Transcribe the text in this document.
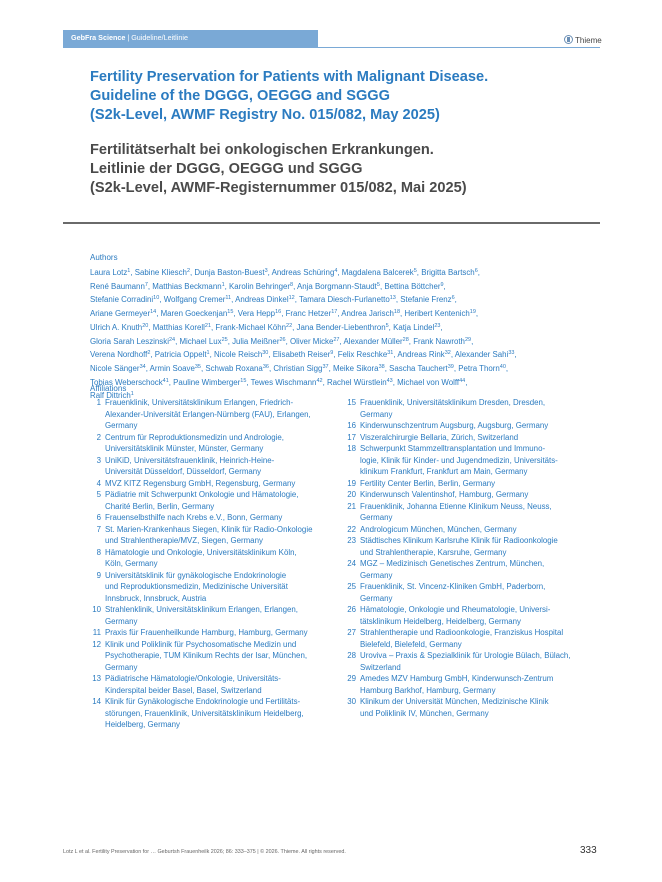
GebFra Science | Guideline/Leitlinie	Thieme
Fertility Preservation for Patients with Malignant Disease.
Guideline of the DGGG, OEGGG and SGGG
(S2k-Level, AWMF Registry No. 015/082, May 2025)
Fertilitätserhalt bei onkologischen Erkrankungen.
Leitlinie der DGGG, OEGGG und SGGG
(S2k-Level, AWMF-Registernummer 015/082, Mai 2025)
Authors
Laura Lotz$^1$, Sabine Kliesch$^2$, Dunja Baston-Buest$^3$, Andreas Schüring$^4$, Magdalena Balcerek$^5$, Brigitta Bartsch$^6$,
René Baumann$^7$, Matthias Beckmann$^1$, Karolin Behringer$^8$, Anja Borgmann-Staudt$^5$, Bettina Böttcher$^9$,
Stefanie Corradini$^{10}$, Wolfgang Cremer$^{11}$, Andreas Dinkel$^{12}$, Tamara Diesch-Furlanetto$^{13}$, Stefanie Frenz$^6$,
Ariane Germeyer$^{14}$, Maren Goeckenjan$^{15}$, Vera Hepp$^{16}$, Franc Hetzer$^{17}$, Andrea Jarisch$^{18}$, Heribert Kentenich$^{19}$,
Ulrich A. Knuth$^{20}$, Matthias Korell$^{21}$, Frank-Michael Köhn$^{22}$, Jana Bender-Liebenthron$^5$, Katja Lindel$^{23}$,
Gloria Sarah Leszinski$^{24}$, Michael Lux$^{25}$, Julia Meißner$^{26}$, Oliver Micke$^{27}$, Alexander Müller$^{28}$, Frank Nawroth$^{29}$,
Verena Nordhoff$^2$, Patricia Oppelt$^1$, Nicole Reisch$^{30}$, Elisabeth Reiser$^9$, Felix Reschke$^{31}$, Andreas Rink$^{32}$, Alexander Sahi$^{33}$,
Nicole Sänger$^{34}$, Armin Soave$^{35}$, Schwab Roxana$^{36}$, Christian Sigg$^{37}$, Meike Sikora$^{38}$, Sascha Tauchert$^{39}$, Petra Thorn$^{40}$,
Tobias Weberschock$^{41}$, Pauline Wimberger$^{15}$, Tewes Wischmann$^{42}$, Rachel Würstlein$^{43}$, Michael von Wolff$^{44}$,
Ralf Dittrich$^1$
Affiliations
1 Frauenklinik, Universitätsklinikum Erlangen, Friedrich-
Alexander-Universität Erlangen-Nürnberg (FAU), Erlangen,
Germany
2 Centrum für Reproduktionsmedizin und Andrologie,
Universitätsklinik Münster, Münster, Germany
3 UniKiD, Universitätsfrauenklinik, Heinrich-Heine-
Universität Düsseldorf, Düsseldorf, Germany
4 MVZ KITZ Regensburg GmbH, Regensburg, Germany
5 Pädiatrie mit Schwerpunkt Onkologie und Hämatologie,
Charité Berlin, Berlin, Germany
6 Frauenselbsthilfe nach Krebs e.V., Bonn, Germany
7 St. Marien-Krankenhaus Siegen, Klinik für Radio-Onkologie
und Strahlentherapie/MVZ, Siegen, Germany
8 Hämatologie und Onkologie, Universitätsklinikum Köln,
Köln, Germany
9 Universitätsklinik für gynäkologische Endokrinologie
und Reproduktionsmedizin, Medizinische Universität
Innsbruck, Innsbruck, Austria
10 Strahlenklinik, Universitätsklinikum Erlangen, Erlangen,
Germany
11 Praxis für Frauenheilkunde Hamburg, Hamburg, Germany
12 Klinik und Poliklinik für Psychosomatische Medizin und
Psychotherapie, TUM Klinikum Rechts der Isar, München,
Germany
13 Pädiatrische Hämatologie/Onkologie, Universitäts-
Kinderspital beider Basel, Basel, Switzerland
14 Klinik für Gynäkologische Endokrinologie und Fertilitäts-
störungen, Frauenklinik, Universitätsklinikum Heidelberg,
Heidelberg, Germany
15 Frauenklinik, Universitätsklinikum Dresden, Dresden,
Germany
16 Kinderwunschzentrum Augsburg, Augsburg, Germany
17 Viszeralchirurgie Bellaria, Zürich, Switzerland
18 Schwerpunkt Stammzelltransplantation und Immuno-
logie, Klinik für Kinder- und Jugendmedizin, Universitäts-
klinikum Frankfurt, Frankfurt am Main, Germany
19 Fertility Center Berlin, Berlin, Germany
20 Kinderwunsch Valentinshof, Hamburg, Germany
21 Frauenklinik, Johanna Etienne Klinikum Neuss, Neuss,
Germany
22 Andrologicum München, München, Germany
23 Städtisches Klinikum Karlsruhe Klinik für Radioonkologie
und Strahlentherapie, Karsruhe, Germany
24 MGZ – Medizinisch Genetisches Zentrum, München,
Germany
25 Frauenklinik, St. Vincenz-Kliniken GmbH, Paderborn,
Germany
26 Hämatologie, Onkologie und Rheumatologie, Universi-
tätsklinikum Heidelberg, Heidelberg, Germany
27 Strahlentherapie und Radioonkologie, Franziskus Hospital
Bielefeld, Bielefeld, Germany
28 Uroviva – Praxis & Spezialklinik für Urologie Bülach, Bülach,
Switzerland
29 Amedes MZV Hamburg GmbH, Kinderwunsch-Zentrum
Hamburg Barkhof, Hamburg, Germany
30 Klinikum der Universität München, Medizinische Klinik
und Poliklinik IV, München, Germany
Lotz L et al. Fertility Preservation for … Geburtsh Frauenheilk 2026; 86: 333–375 | © 2026. Thieme. All rights reserved.	333
